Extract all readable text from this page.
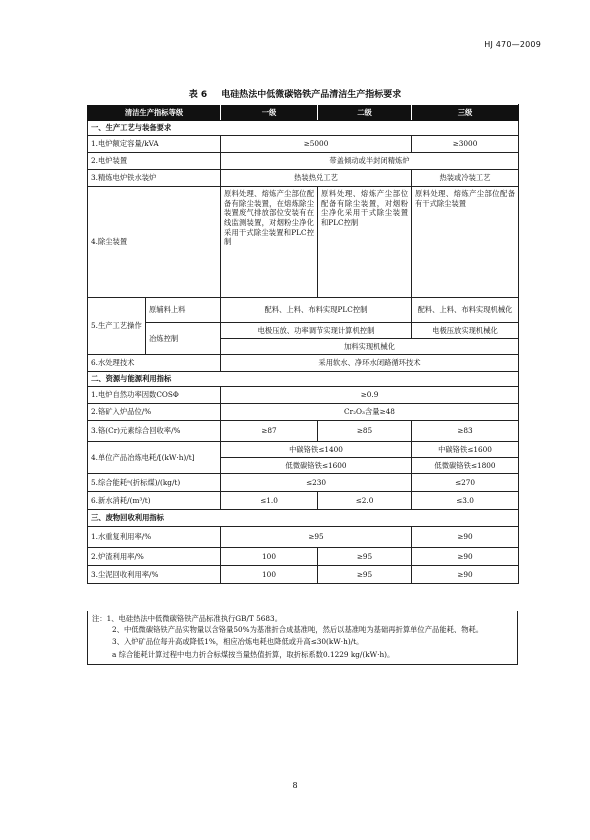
HJ 470—2009
表 6 电硅热法中低微碳铬铁产品清洁生产指标要求
清洁生产指标等级		一级	二级	三级
一、生产工艺与装备要求				
1.电炉额定容量/kVA		≥5000		≥3000
2.电炉装置		带盖倾动或半封闭精炼炉		
3.精炼电炉铁水装炉		热装热兑工艺		热装或冷装工艺
4.除尘装置		原料处理、熔炼产尘部位配备有除尘装置，在熔炼除尘装置废气排放部位安装有在线监测装置，对烟粉尘净化采用干式除尘装置和PLC控制	原料处理、熔炼产尘部位配备有除尘装置，对烟粉尘净化采用干式除尘装置和PLC控制	原料处理、熔炼产尘部位配备有干式除尘装置
5.生产工艺操作	原辅料上料	配料、上料、布料实现PLC控制		配料、上料、布料实现机械化
	冶炼控制	电极压放、功率调节实现计算机控制		电极压放实现机械化
		加料实现机械化		
6.水处理技术		采用软水、净环水闭路循环技术		
二、资源与能源利用指标				
1.电炉自然功率因数COSΦ		≥0.9		
2.铬矿入炉品位/%		Cr₂O₃含量≥48		
3.铬(Cr)元素综合回收率/%		≥87	≥85	≥83
4.单位产品冶炼电耗/[(kW·h)/t]		中碳铬铁≤1400		中碳铬铁≤1600
		低微碳铬铁≤1600		低微碳铬铁≤1800
5.综合能耗ᵃ(折标煤)/(kg/t)		≤230		≤270
6.新水消耗/(m³/t)		≤1.0	≤2.0	≤3.0
三、废物回收利用指标				
1.水重复利用率/%		≥95		≥90
2.炉渣利用率/%		100	≥95	≥90
3.尘泥回收利用率/%		100	≥95	≥90

注：1、电硅热法中低微碳铬铁产品标准执行GB/T 5683。

2、中低微碳铬铁产品实物量以含铬量50%为基准折合成基准吨，然后以基准吨为基础再折算单位产品能耗、物耗。

3、入炉矿品位每升高或降低1%，相应冶炼电耗也降低或升高≤30(kW·h)/t。

a 综合能耗计算过程中电力折合标煤按当量热值折算，取折标系数0.1229 kg/(kW·h)。

8
